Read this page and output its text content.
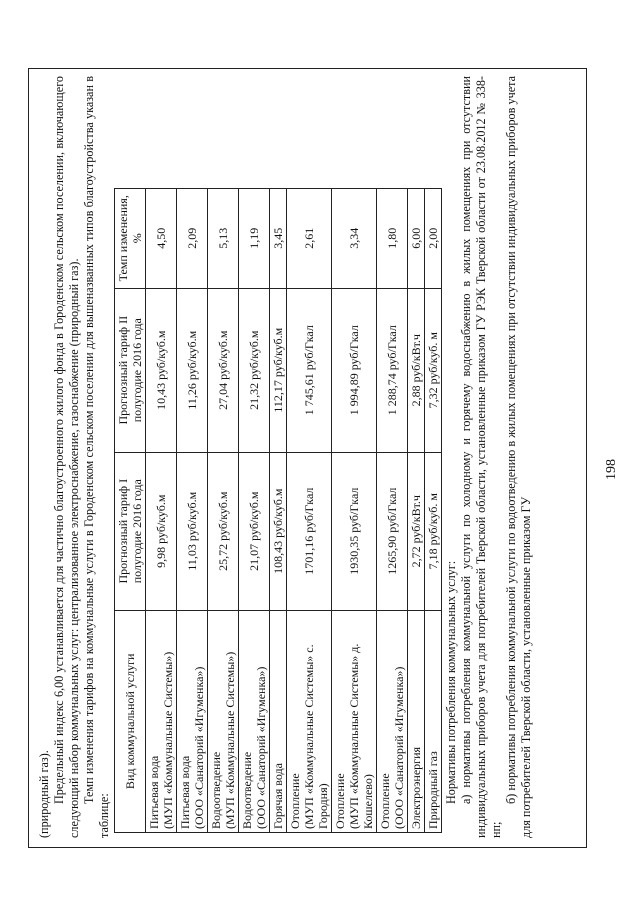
198

(природный газ). Предельный индекс 6,00 устанавливается для частично благоустроенного жилого фонда в Городенском сельском поселении, включающего следующий набор коммунальных услуг: централизованное электроснабжение, газоснабжение (природный газ). Темп изменения тарифов на коммунальные услуги в Городенском сельском поселении для вышеназванных типов благоустройства указан в таблице:

Вид коммунальной услуги	Прогнозный тариф I полугодие 2016 года	Прогнозный тариф II полугодие 2016 года	Темп изменения, %
Питьевая вода (МУП «Коммунальные Системы»)	9,98 руб/куб.м	10,43 руб/куб.м	4,50
Питьевая вода (ООО «Санаторий «Игуменка»)	11,03 руб/куб.м	11,26 руб/куб.м	2,09
Водоотведение (МУП «Коммунальные Системы»)	25,72 руб/куб.м	27,04 руб/куб.м	5,13
Водоотведение (ООО «Санаторий «Игуменка»)	21,07 руб/куб.м	21,32 руб/куб.м	1,19
Горячая вода	108,43 руб/куб.м	112,17 руб/куб.м	3,45
Отопление (МУП «Коммунальные Системы» с. Городня)	1701,16 руб/Гкал	1 745,61 руб/Гкал	2,61
Отопление (МУП «Коммунальные Системы» д. Кошелево)	1930,35 руб/Гкал	1 994,89 руб/Гкал	3,34
Отопление (ООО «Санаторий «Игуменка»)	1265,90 руб/Гкал	1 288,74 руб/Гкал	1,80
Электроэнергия	2,72 руб/кВт.ч	2,88 руб/кВт.ч	6,00
Природный газ	7,18 руб/куб. м	7,32 руб/куб. м	2,00

Нормативы потребления коммунальных услуг: а) нормативы потребления коммунальной услуги по холодному и горячему водоснабжению в жилых помещениях при отсутствии индивидуальных приборов учета для потребителей Тверской области, установленные приказом ГУ РЭК Тверской области от 23.08.2012 № 338-нп;

б) нормативы потребления коммунальной услуги по водоотведению в жилых помещениях при отсутствии индивидуальных приборов учета для потребителей Тверской области, установленные приказом ГУ
